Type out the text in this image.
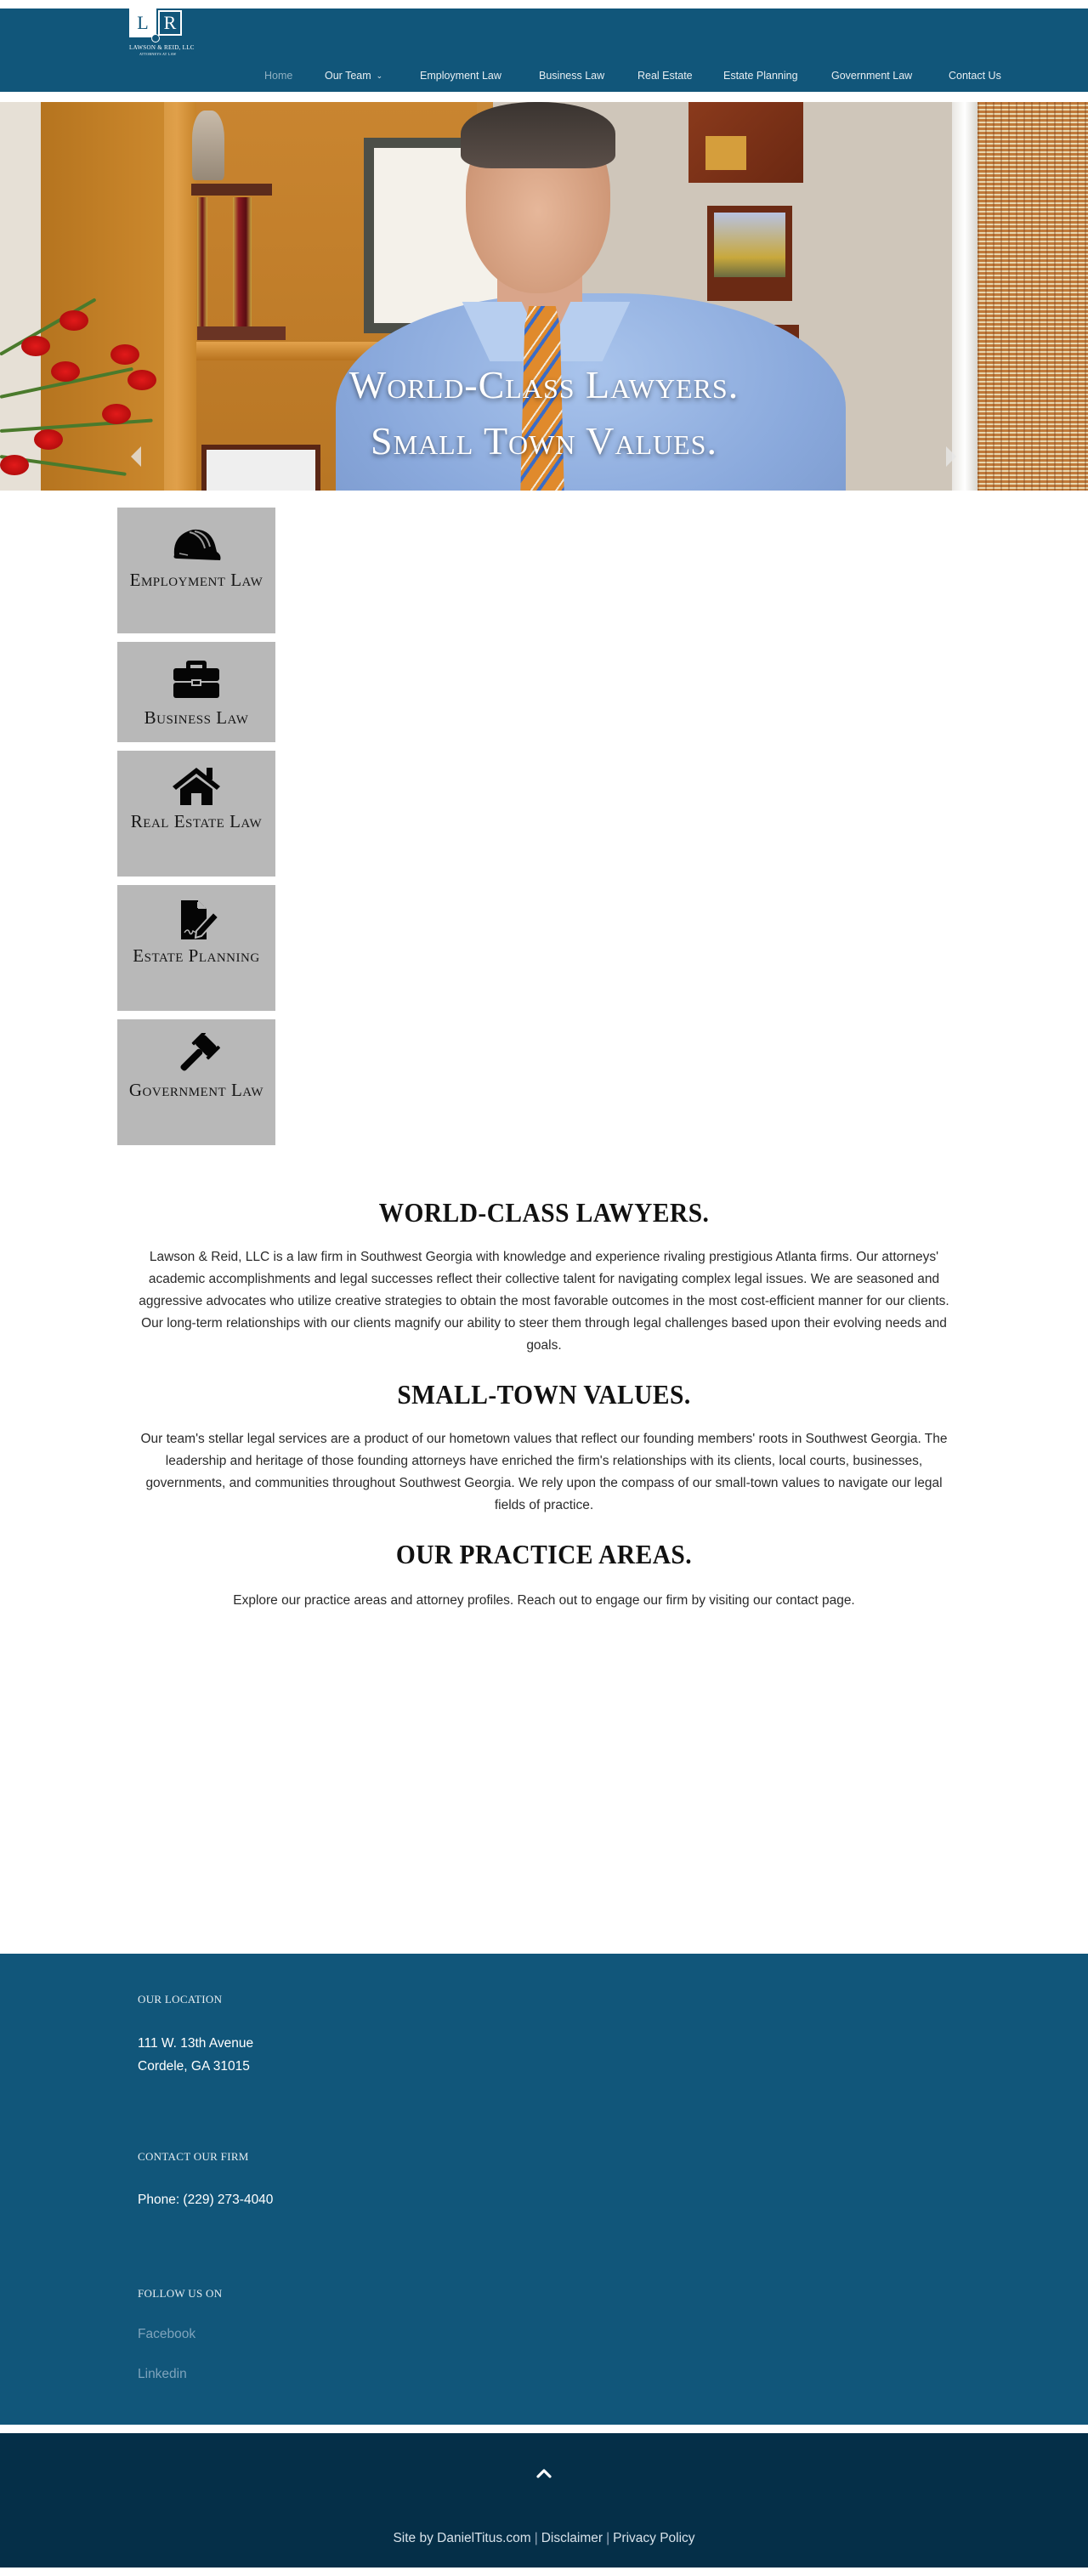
L R
LAWSON & REID, LLC
ATTORNEYS AT LAW
Home	Our Team ⌄	Employment Law	Business Law	Real Estate	Estate Planning	Government Law	Contact Us
World-Class Lawyers.
Small Town Values.
Employment Law
Business Law
Real Estate Law
Estate Planning
Government Law
WORLD-CLASS LAWYERS.

Lawson & Reid, LLC is a law firm in Southwest Georgia with knowledge and experience rivaling prestigious Atlanta firms. Our attorneys' academic accomplishments and legal successes reflect their collective talent for navigating complex legal issues. We are seasoned and aggressive advocates who utilize creative strategies to obtain the most favorable outcomes in the most cost-efficient manner for our clients. Our long-term relationships with our clients magnify our ability to steer them through legal challenges based upon their evolving needs and goals.

SMALL-TOWN VALUES.

Our team's stellar legal services are a product of our hometown values that reflect our founding members' roots in Southwest Georgia. The leadership and heritage of those founding attorneys have enriched the firm's relationships with its clients, local courts, businesses, governments, and communities throughout Southwest Georgia. We rely upon the compass of our small-town values to navigate our legal fields of practice.

OUR PRACTICE AREAS.

Explore our practice areas and attorney profiles. Reach out to engage our firm by visiting our contact page.

OUR LOCATION
111 W. 13th Avenue
Cordele, GA 31015
CONTACT OUR FIRM
Phone: (229) 273-4040
FOLLOW US ON
Facebook
Linkedin
Site by DanielTitus.com | Disclaimer | Privacy Policy
